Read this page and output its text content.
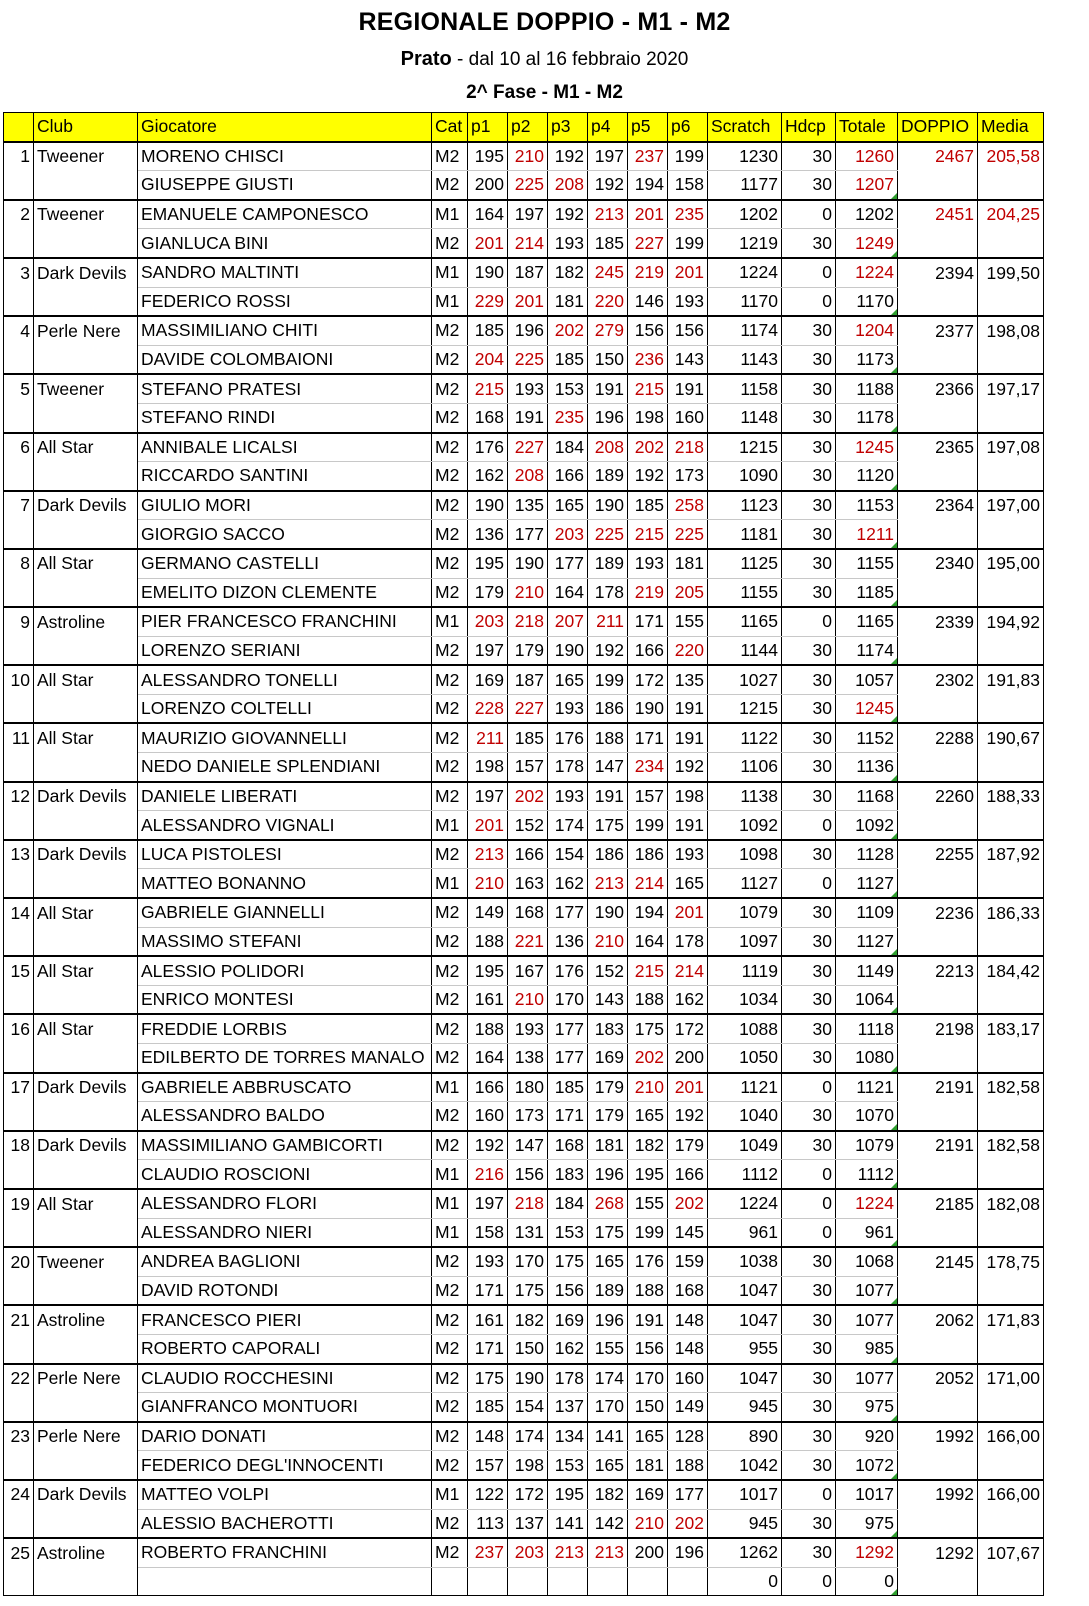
REGIONALE DOPPIO - M1 - M2
Prato - dal 10 al 16 febbraio 2020
2^ Fase - M1 - M2
	Club	Giocatore	Cat	p1	p2	p3	p4	p5	p6	Scratch	Hdcp	Totale	DOPPIO	Media
1	Tweener	MORENO CHISCI	M2	195	210	192	197	237	199	1230	30	1260	2467	205,58
		GIUSEPPE GIUSTI	M2	200	225	208	192	194	158	1177	30	1207		
2	Tweener	EMANUELE CAMPONESCO	M1	164	197	192	213	201	235	1202	0	1202	2451	204,25
		GIANLUCA BINI	M2	201	214	193	185	227	199	1219	30	1249		
3	Dark Devils	SANDRO MALTINTI	M1	190	187	182	245	219	201	1224	0	1224	2394	199,50
		FEDERICO ROSSI	M1	229	201	181	220	146	193	1170	0	1170		
4	Perle Nere	MASSIMILIANO CHITI	M2	185	196	202	279	156	156	1174	30	1204	2377	198,08
		DAVIDE COLOMBAIONI	M2	204	225	185	150	236	143	1143	30	1173		
5	Tweener	STEFANO PRATESI	M2	215	193	153	191	215	191	1158	30	1188	2366	197,17
		STEFANO RINDI	M2	168	191	235	196	198	160	1148	30	1178		
6	All Star	ANNIBALE LICALSI	M2	176	227	184	208	202	218	1215	30	1245	2365	197,08
		RICCARDO SANTINI	M2	162	208	166	189	192	173	1090	30	1120		
7	Dark Devils	GIULIO MORI	M2	190	135	165	190	185	258	1123	30	1153	2364	197,00
		GIORGIO SACCO	M2	136	177	203	225	215	225	1181	30	1211		
8	All Star	GERMANO CASTELLI	M2	195	190	177	189	193	181	1125	30	1155	2340	195,00
		EMELITO DIZON CLEMENTE	M2	179	210	164	178	219	205	1155	30	1185		
9	Astroline	PIER FRANCESCO FRANCHINI	M1	203	218	207	211	171	155	1165	0	1165	2339	194,92
		LORENZO SERIANI	M2	197	179	190	192	166	220	1144	30	1174		
10	All Star	ALESSANDRO TONELLI	M2	169	187	165	199	172	135	1027	30	1057	2302	191,83
		LORENZO COLTELLI	M2	228	227	193	186	190	191	1215	30	1245		
11	All Star	MAURIZIO GIOVANNELLI	M2	211	185	176	188	171	191	1122	30	1152	2288	190,67
		NEDO DANIELE SPLENDIANI	M2	198	157	178	147	234	192	1106	30	1136		
12	Dark Devils	DANIELE LIBERATI	M2	197	202	193	191	157	198	1138	30	1168	2260	188,33
		ALESSANDRO VIGNALI	M1	201	152	174	175	199	191	1092	0	1092		
13	Dark Devils	LUCA PISTOLESI	M2	213	166	154	186	186	193	1098	30	1128	2255	187,92
		MATTEO BONANNO	M1	210	163	162	213	214	165	1127	0	1127		
14	All Star	GABRIELE GIANNELLI	M2	149	168	177	190	194	201	1079	30	1109	2236	186,33
		MASSIMO STEFANI	M2	188	221	136	210	164	178	1097	30	1127		
15	All Star	ALESSIO POLIDORI	M2	195	167	176	152	215	214	1119	30	1149	2213	184,42
		ENRICO MONTESI	M2	161	210	170	143	188	162	1034	30	1064		
16	All Star	FREDDIE LORBIS	M2	188	193	177	183	175	172	1088	30	1118	2198	183,17
		EDILBERTO DE TORRES MANALO	M2	164	138	177	169	202	200	1050	30	1080		
17	Dark Devils	GABRIELE ABBRUSCATO	M1	166	180	185	179	210	201	1121	0	1121	2191	182,58
		ALESSANDRO BALDO	M2	160	173	171	179	165	192	1040	30	1070		
18	Dark Devils	MASSIMILIANO GAMBICORTI	M2	192	147	168	181	182	179	1049	30	1079	2191	182,58
		CLAUDIO ROSCIONI	M1	216	156	183	196	195	166	1112	0	1112		
19	All Star	ALESSANDRO FLORI	M1	197	218	184	268	155	202	1224	0	1224	2185	182,08
		ALESSANDRO NIERI	M1	158	131	153	175	199	145	961	0	961		
20	Tweener	ANDREA BAGLIONI	M2	193	170	175	165	176	159	1038	30	1068	2145	178,75
		DAVID ROTONDI	M2	171	175	156	189	188	168	1047	30	1077		
21	Astroline	FRANCESCO PIERI	M2	161	182	169	196	191	148	1047	30	1077	2062	171,83
		ROBERTO CAPORALI	M2	171	150	162	155	156	148	955	30	985		
22	Perle Nere	CLAUDIO ROCCHESINI	M2	175	190	178	174	170	160	1047	30	1077	2052	171,00
		GIANFRANCO MONTUORI	M2	185	154	137	170	150	149	945	30	975		
23	Perle Nere	DARIO DONATI	M2	148	174	134	141	165	128	890	30	920	1992	166,00
		FEDERICO DEGL'INNOCENTI	M2	157	198	153	165	181	188	1042	30	1072		
24	Dark Devils	MATTEO VOLPI	M1	122	172	195	182	169	177	1017	0	1017	1992	166,00
		ALESSIO BACHEROTTI	M2	113	137	141	142	210	202	945	30	975		
25	Astroline	ROBERTO FRANCHINI	M2	237	203	213	213	200	196	1262	30	1292	1292	107,67
										0	0	0		
